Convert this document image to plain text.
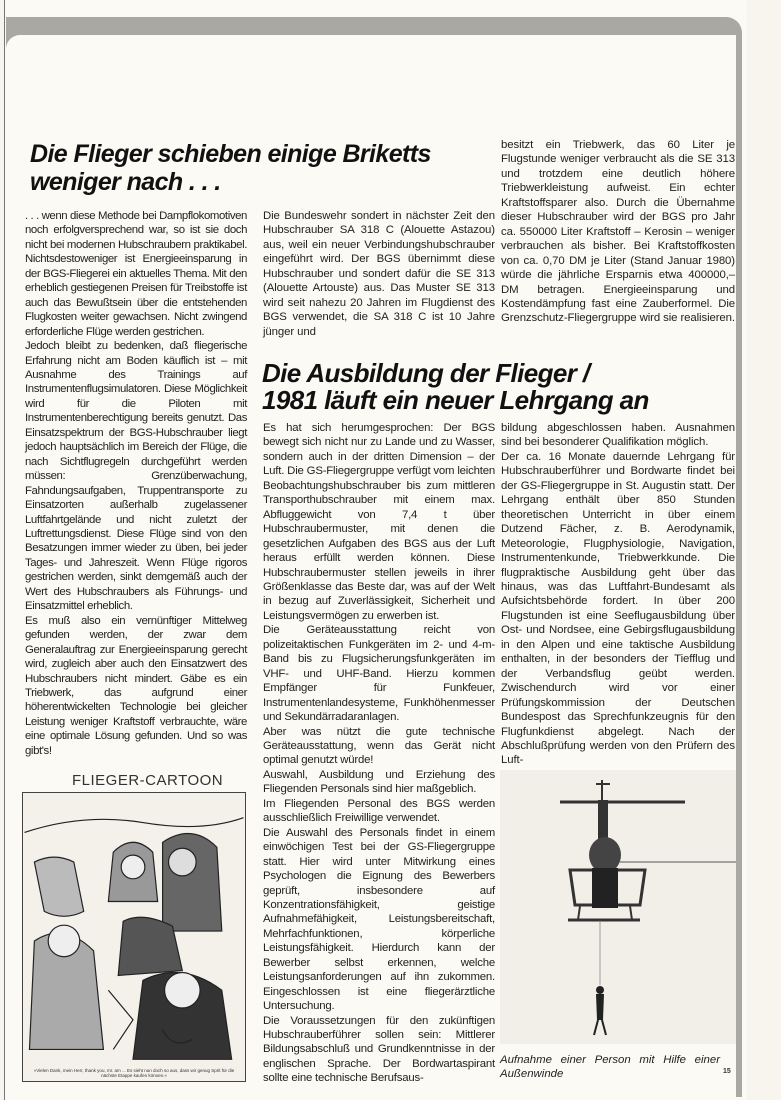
Die Flieger schieben einige Briketts weniger nach . . .

. . . wenn diese Methode bei Dampflokomotiven noch erfolgversprechend war, so ist sie doch nicht bei modernen Hubschraubern praktikabel. Nichtsdestoweniger ist Energieeinsparung in der BGS-Fliegerei ein aktuelles Thema. Mit den erheblich gestiegenen Preisen für Treibstoffe ist auch das Bewußtsein über die entstehenden Flugkosten weiter gewachsen. Nicht zwingend erforderliche Flüge werden gestrichen.

Jedoch bleibt zu bedenken, daß fliegerische Erfahrung nicht am Boden käuflich ist – mit Ausnahme des Trainings auf Instrumentenflugsimulatoren. Diese Möglichkeit wird für die Piloten mit Instrumentenberechtigung bereits genutzt. Das Einsatzspektrum der BGS-Hubschrauber liegt jedoch hauptsächlich im Bereich der Flüge, die nach Sichtflugregeln durchgeführt werden müssen: Grenzüberwachung, Fahndungsaufgaben, Truppentransporte zu Einsatzorten außerhalb zugelassener Luftfahrtgelände und nicht zuletzt der Luftrettungsdienst. Diese Flüge sind von den Besatzungen immer wieder zu üben, bei jeder Tages- und Jahreszeit. Wenn Flüge rigoros gestrichen werden, sinkt demgemäß auch der Wert des Hubschraubers als Führungs- und Einsatzmittel erheblich.

Es muß also ein vernünftiger Mittelweg gefunden werden, der zwar dem Generalauftrag zur Energieeinsparung gerecht wird, zugleich aber auch den Einsatzwert des Hubschraubers nicht mindert. Gäbe es ein Triebwerk, das aufgrund einer höherentwickelten Technologie bei gleicher Leistung weniger Kraftstoff verbrauchte, wäre eine optimale Lösung gefunden. Und so was gibt's!

Die Bundeswehr sondert in nächster Zeit den Hubschrauber SA 318 C (Alouette Astazou) aus, weil ein neuer Verbindungshubschrauber eingeführt wird. Der BGS übernimmt diese Hubschrauber und sondert dafür die SE 313 (Alouette Artouste) aus. Das Muster SE 313 wird seit nahezu 20 Jahren im Flugdienst des BGS verwendet, die SA 318 C ist 10 Jahre jünger und

besitzt ein Triebwerk, das 60 Liter je Flugstunde weniger verbraucht als die SE 313 und trotzdem eine deutlich höhere Triebwerkleistung aufweist. Ein echter Kraftstoffsparer also. Durch die Übernahme dieser Hubschrauber wird der BGS pro Jahr ca. 550000 Liter Kraftstoff – Kerosin – weniger verbrauchen als bisher. Bei Kraftstoffkosten von ca. 0,70 DM je Liter (Stand Januar 1980) würde die jährliche Ersparnis etwa 400000,– DM betragen. Energieeinsparung und Kostendämpfung fast eine Zauberformel. Die Grenzschutz-Fliegergruppe wird sie realisieren.

FLIEGER-CARTOON
»Vielen Dank, mein Herr, thank you, mr. am ... Es sieht nun doch so aus, dass wir genug Sprit für die nächste Etappe kaufen können.«
Die Ausbildung der Flieger /
1981 läuft ein neuer Lehrgang an

Es hat sich herumgesprochen: Der BGS bewegt sich nicht nur zu Lande und zu Wasser, sondern auch in der dritten Dimension – der Luft. Die GS-Fliegergruppe verfügt vom leichten Beobachtungshubschrauber bis zum mittleren Transporthubschrauber mit einem max. Abfluggewicht von 7,4 t über Hubschraubermuster, mit denen die gesetzlichen Aufgaben des BGS aus der Luft heraus erfüllt werden können. Diese Hubschraubermuster stellen jeweils in ihrer Größenklasse das Beste dar, was auf der Welt in bezug auf Zuverlässigkeit, Sicherheit und Leistungsvermögen zu erwerben ist.

Die Geräteausstattung reicht von polizeitaktischen Funkgeräten im 2- und 4-m-Band bis zu Flugsicherungsfunkgeräten im VHF- und UHF-Band. Hierzu kommen Empfänger für Funkfeuer, Instrumentenlandesysteme, Funkhöhenmesser und Sekundärradaranlagen.

Aber was nützt die gute technische Geräteausstattung, wenn das Gerät nicht optimal genutzt würde!

Auswahl, Ausbildung und Erziehung des Fliegenden Personals sind hier maßgeblich.

Im Fliegenden Personal des BGS werden ausschließlich Freiwillige verwendet.

Die Auswahl des Personals findet in einem einwöchigen Test bei der GS-Fliegergruppe statt. Hier wird unter Mitwirkung eines Psychologen die Eignung des Bewerbers geprüft, insbesondere auf Konzentrationsfähigkeit, geistige Aufnahmefähigkeit, Leistungsbereitschaft, Mehrfachfunktionen, körperliche Leistungsfähigkeit. Hierdurch kann der Bewerber selbst erkennen, welche Leistungsanforderungen auf ihn zukommen. Eingeschlossen ist eine fliegerärztliche Untersuchung.

Die Voraussetzungen für den zukünftigen Hubschrauberführer sollen sein: Mittlerer Bildungsabschluß und Grundkenntnisse in der englischen Sprache. Der Bordwartaspirant sollte eine technische Berufsaus-

bildung abgeschlossen haben. Ausnahmen sind bei besonderer Qualifikation möglich.

Der ca. 16 Monate dauernde Lehrgang für Hubschrauberführer und Bordwarte findet bei der GS-Fliegergruppe in St. Augustin statt. Der Lehrgang enthält über 850 Stunden theoretischen Unterricht in über einem Dutzend Fächer, z. B. Aerodynamik, Meteorologie, Flugphysiologie, Navigation, Instrumentenkunde, Triebwerkkunde. Die flugpraktische Ausbildung geht über das hinaus, was das Luftfahrt-Bundesamt als Aufsichtsbehörde fordert. In über 200 Flugstunden ist eine Seeflugausbildung über Ost- und Nordsee, eine Gebirgsflugausbildung in den Alpen und eine taktische Ausbildung enthalten, in der besonders der Tiefflug und der Verbandsflug geübt werden. Zwischendurch wird vor einer Prüfungskommission der Deutschen Bundespost das Sprechfunkzeugnis für den Flugfunkdienst abgelegt. Nach der Abschlußprüfung werden von den Prüfern des Luft-

Aufnahme einer Person mit Hilfe einer Außenwinde	15
